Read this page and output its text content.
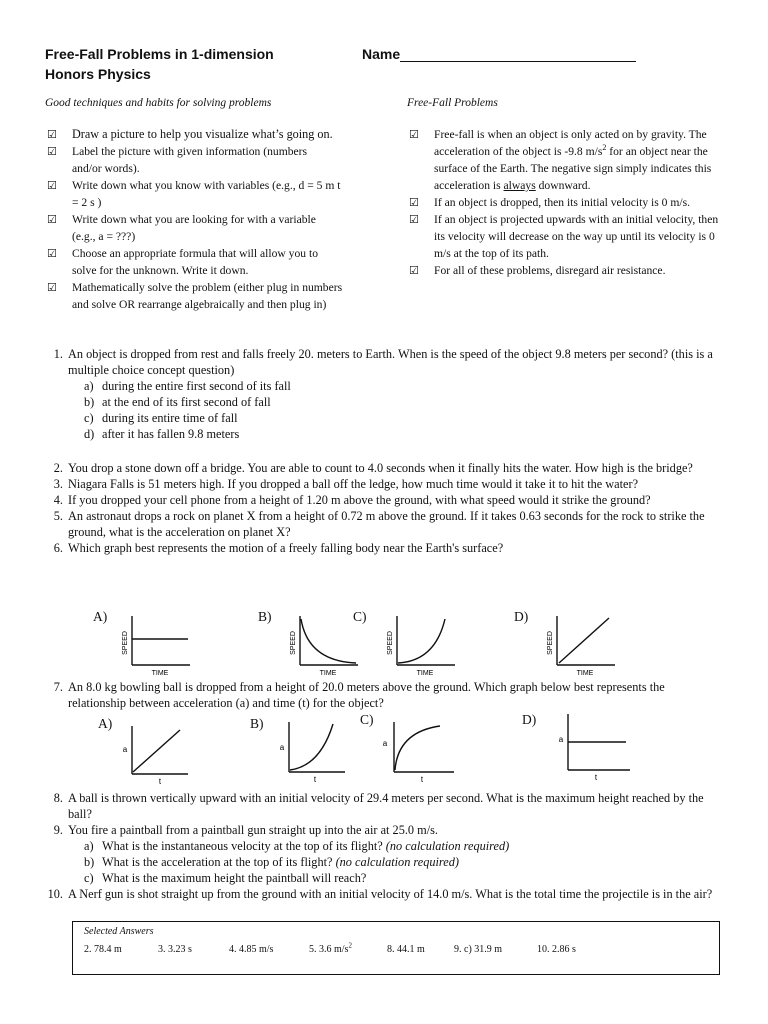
Free-Fall Problems in 1-dimension
Honors Physics
Name
Good techniques and habits for solving problems
☑ Draw a picture to help you visualize what’s going on.
☑ Label the picture with given information (numbers and/or words).
☑ Write down what you know with variables (e.g., d = 5 m t = 2 s )
☑ Write down what you are looking for with a variable (e.g., a = ???)
☑ Choose an appropriate formula that will allow you to solve for the unknown. Write it down.
☑ Mathematically solve the problem (either plug in numbers and solve OR rearrange algebraically and then plug in)
Free-Fall Problems
☑ Free-fall is when an object is only acted on by gravity. The acceleration of the object is -9.8 $m/s^2$ for an object near the surface of the Earth. The negative sign simply indicates this acceleration is always downward.
☑ If an object is dropped, then its initial velocity is 0 m/s.
☑ If an object is projected upwards with an initial velocity, then its velocity will decrease on the way up until its velocity is 0 m/s at the top of its path.
☑ For all of these problems, disregard air resistance.
1. An object is dropped from rest and falls freely 20. meters to Earth. When is the speed of the object 9.8 meters per second? (this is a multiple choice concept question)
a) during the entire first second of its fall
b) at the end of its first second of fall
c) during its entire time of fall
d) after it has fallen 9.8 meters
2. You drop a stone down off a bridge. You are able to count to 4.0 seconds when it finally hits the water. How high is the bridge?
3. Niagara Falls is 51 meters high. If you dropped a ball off the ledge, how much time would it take it to hit the water?
4. If you dropped your cell phone from a height of 1.20 m above the ground, with what speed would it strike the ground?
5. An astronaut drops a rock on planet X from a height of 0.72 m above the ground. If it takes 0.63 seconds for the rock to strike the ground, what is the acceleration on planet X?
6. Which graph best represents the motion of a freely falling body near the Earth's surface?
A)	B)	C)	D)
SPEED
TIME
SPEED
TIME
SPEED
TIME
SPEED
TIME
7. An 8.0 kg bowling ball is dropped from a height of 20.0 meters above the ground. Which graph below best represents the relationship between acceleration (a) and time (t) for the object?
A)	B)	C)	D)
a
t
a
t
a
t
a
t
8. A ball is thrown vertically upward with an initial velocity of 29.4 meters per second. What is the maximum height reached by the ball?
9. You fire a paintball from a paintball gun straight up into the air at 25.0 m/s.
a) What is the instantaneous velocity at the top of its flight? (no calculation required)
b) What is the acceleration at the top of its flight? (no calculation required)
c) What is the maximum height the paintball will reach?
10. A Nerf gun is shot straight up from the ground with an initial velocity of 14.0 m/s. What is the total time the projectile is in the air?
Selected Answers
2. 78.4 m	3. 3.23 s	4. 4.85 m/s	5. 3.6 $m/s^2$	8. 44.1 m	9. c) 31.9 m	10. 2.86 s
